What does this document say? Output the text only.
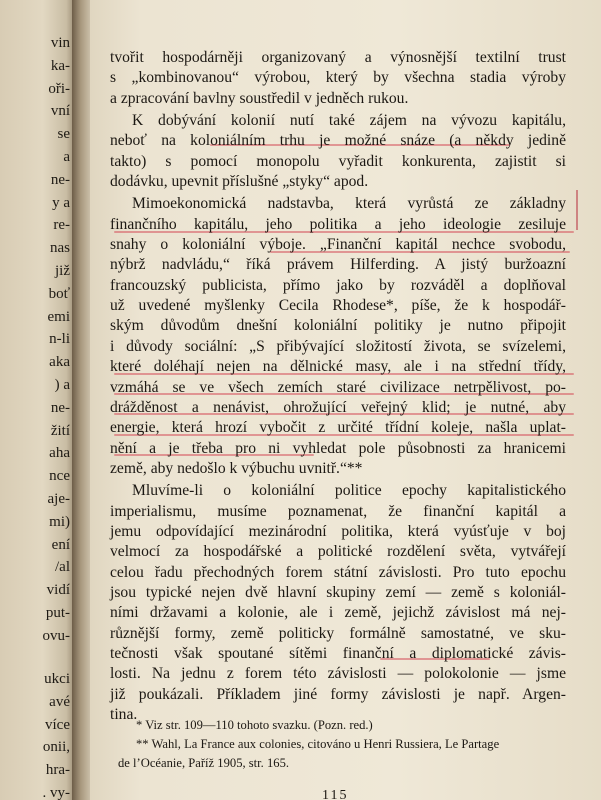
vin
ka-
oři-
vní
se
a
ne-
y a
re-
nas
již
boť
emi
n-li
aka
) a
ne-
žití
aha
nce
aje-
mi)
ení
/al
vidí
put-
ovu-
ukci
avé
více
onii,
hra-
. vy-
tvořit hospodárněji organizovaný a výnosnější textilní trust
s „kombinovanou“ výrobou, který by všechna stadia výroby
a zpracování bavlny soustředil v jedněch rukou.
K dobývání kolonií nutí také zájem na vývozu kapitálu,
neboť na koloniálním trhu je možné snáze (a někdy jedině
takto) s pomocí monopolu vyřadit konkurenta, zajistit si
dodávku, upevnit příslušné „styky“ apod.
Mimoekonomická nadstavba, která vyrůstá ze základny
finančního kapitálu, jeho politika a jeho ideologie zesiluje
snahy o koloniální výboje. „Finanční kapitál nechce svobodu,
nýbrž nadvládu,“ říká právem Hilferding. A jistý buržoazní
francouzský publicista, přímo jako by rozváděl a doplňoval
už uvedené myšlenky Cecila Rhodese*, píše, že k hospodář-
ským důvodům dnešní koloniální politiky je nutno připojit
i důvody sociální: „S přibývající složitostí života, se svízelemi,
které doléhají nejen na dělnické masy, ale i na střední třídy,
vzmáhá se ve všech zemích staré civilizace netrpělivost, po-
drážděnost a nenávist, ohrožující veřejný klid; je nutné, aby
energie, která hrozí vybočit z určité třídní koleje, našla uplat-
nění a je třeba pro ni vyhledat pole působnosti za hranicemi
země, aby nedošlo k výbuchu uvnitř.“**
Mluvíme-li o koloniální politice epochy kapitalistického
imperialismu, musíme poznamenat, že finanční kapitál a
jemu odpovídající mezinárodní politika, která vyúsťuje v boj
velmocí za hospodářské a politické rozdělení světa, vytvářejí
celou řadu přechodných forem státní závislosti. Pro tuto epochu
jsou typické nejen dvě hlavní skupiny zemí — země s koloniál-
ními državami a kolonie, ale i země, jejichž závislost má nej-
různější formy, země politicky formálně samostatné, ve sku-
tečnosti však spoutané sítěmi finanční a diplomatické závis-
losti. Na jednu z forem této závislosti — polokolonie — jsme
již poukázali. Příkladem jiné formy závislosti je např. Argen-
tina.
* Viz str. 109—110 tohoto svazku. (Pozn. red.)
** Wahl, La France aux colonies, citováno u Henri Russiera, Le Partage
de l’Océanie, Paříž 1905, str. 165.
115
